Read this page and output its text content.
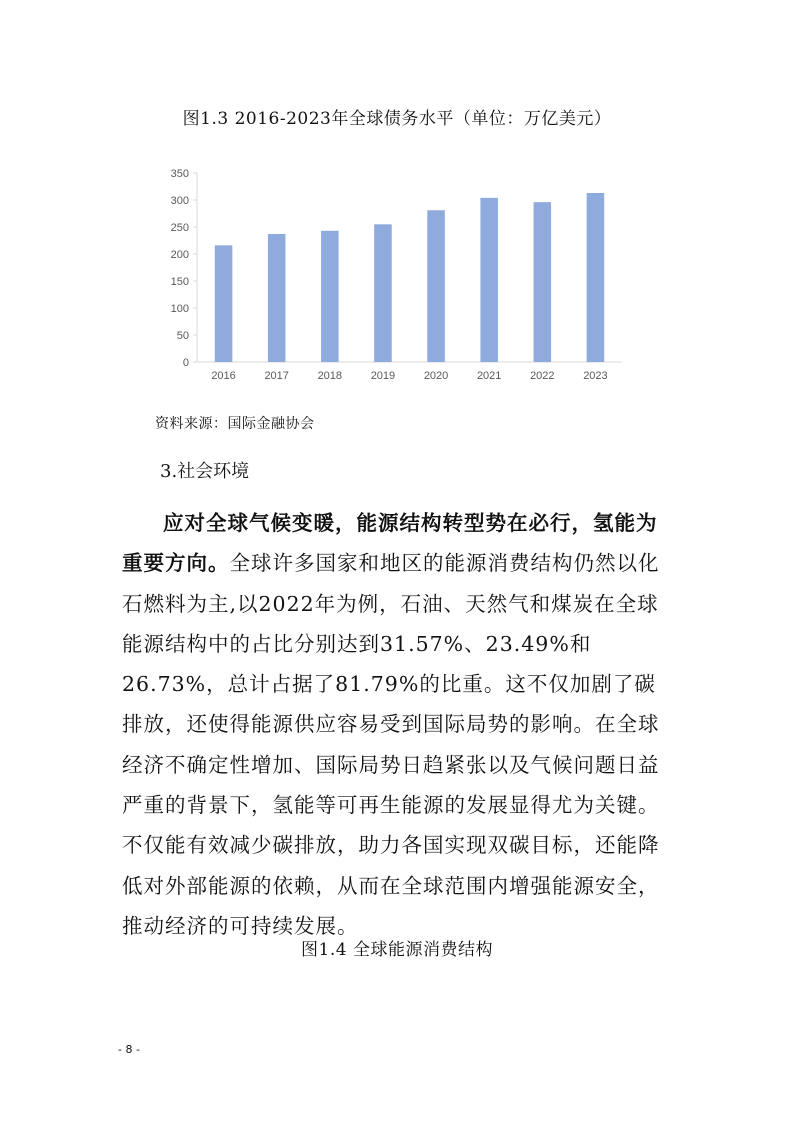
图1.3 2016-2023年全球债务水平（单位：万亿美元）
0
50
100
150
200
250
300
350
2016	2017	2018	2019	2020	2021	2022	2023
资料来源：国际金融协会
3.社会环境
应对全球气候变暖，能源结构转型势在必行，氢能为重要方向。全球许多国家和地区的能源消费结构仍然以化石燃料为主,以2022年为例，石油、天然气和煤炭在全球能源结构中的占比分别达到31.57%、23.49%和26.73%，总计占据了81.79%的比重。这不仅加剧了碳排放，还使得能源供应容易受到国际局势的影响。在全球经济不确定性增加、国际局势日趋紧张以及气候问题日益严重的背景下，氢能等可再生能源的发展显得尤为关键。不仅能有效减少碳排放，助力各国实现双碳目标，还能降低对外部能源的依赖，从而在全球范围内增强能源安全，推动经济的可持续发展。
图1.4 全球能源消费结构
- 8 -
